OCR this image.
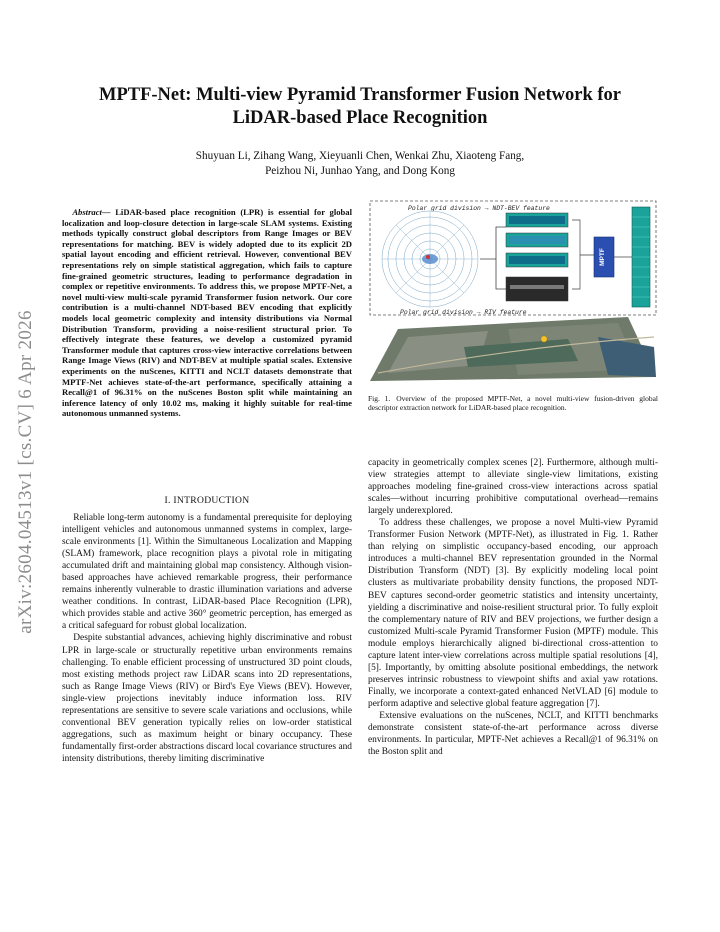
arXiv:2604.04513v1 [cs.CV] 6 Apr 2026
MPTF-Net: Multi-view Pyramid Transformer Fusion Network for
LiDAR-based Place Recognition
Shuyuan Li, Zihang Wang, Xieyuanli Chen, Wenkai Zhu, Xiaoteng Fang,
Peizhou Ni, Junhao Yang, and Dong Kong

Abstract— LiDAR-based place recognition (LPR) is essential for global localization and loop-closure detection in large-scale SLAM systems. Existing methods typically construct global descriptors from Range Images or BEV representations for matching. BEV is widely adopted due to its explicit 2D spatial layout encoding and efficient retrieval. However, conventional BEV representations rely on simple statistical aggregation, which fails to capture fine-grained geometric structures, leading to performance degradation in complex or repetitive environments. To address this, we propose MPTF-Net, a novel multi-view multi-scale pyramid Transformer fusion network. Our core contribution is a multi-channel NDT-based BEV encoding that explicitly models local geometric complexity and intensity distributions via Normal Distribution Transform, providing a noise-resilient structural prior. To effectively integrate these features, we develop a customized pyramid Transformer module that captures cross-view interactive correlations between Range Image Views (RIV) and NDT-BEV at multiple spatial scales. Extensive experiments on the nuScenes, KITTI and NCLT datasets demonstrate that MPTF-Net achieves state-of-the-art performance, specifically attaining a Recall@1 of 96.31% on the nuScenes Boston split while maintaining an inference latency of only 10.02 ms, making it highly suitable for real-time autonomous unmanned systems.

I. INTRODUCTION

Reliable long-term autonomy is a fundamental prerequisite for deploying intelligent vehicles and autonomous unmanned systems in complex, large-scale environments [1]. Within the Simultaneous Localization and Mapping (SLAM) framework, place recognition plays a pivotal role in mitigating accumulated drift and maintaining global map consistency. Although vision-based approaches have achieved remarkable progress, their performance remains inherently vulnerable to drastic illumination variations and adverse weather conditions. In contrast, LiDAR-based Place Recognition (LPR), which provides stable and active 360° geometric perception, has emerged as a critical safeguard for robust global localization.

Despite substantial advances, achieving highly discriminative and robust LPR in large-scale or structurally repetitive urban environments remains challenging. To enable efficient processing of unstructured 3D point clouds, most existing methods project raw LiDAR scans into 2D representations, such as Range Image Views (RIV) or Bird's Eye Views (BEV). However, single-view projections inevitably induce information loss. RIV representations are sensitive to severe scale variations and occlusions, while conventional BEV generation typically relies on low-order statistical aggregations, such as maximum height or binary occupancy. These fundamentally first-order abstractions discard local covariance structures and intensity distributions, thereby limiting discriminative

Polar grid division → NDT-BEV feature
Polar grid division → RIV feature
MPTF
Fig. 1. Overview of the proposed MPTF-Net, a novel multi-view fusion-driven global descriptor extraction network for LiDAR-based place recognition.

capacity in geometrically complex scenes [2]. Furthermore, although multi-view strategies attempt to alleviate single-view limitations, existing approaches modeling fine-grained cross-view interactions across spatial scales—without incurring prohibitive computational overhead—remains largely underexplored.

To address these challenges, we propose a novel Multi-view Pyramid Transformer Fusion Network (MPTF-Net), as illustrated in Fig. 1. Rather than relying on simplistic occupancy-based encoding, our approach introduces a multi-channel BEV representation grounded in the Normal Distribution Transform (NDT) [3]. By explicitly modeling local point clusters as multivariate probability density functions, the proposed NDT-BEV captures second-order geometric statistics and intensity uncertainty, yielding a discriminative and noise-resilient structural prior. To fully exploit the complementary nature of RIV and BEV projections, we further design a customized Multi-scale Pyramid Transformer Fusion (MPTF) module. This module employs hierarchically aligned bi-directional cross-attention to capture latent inter-view correlations across multiple spatial resolutions [4], [5]. Importantly, by omitting absolute positional embeddings, the network preserves intrinsic robustness to viewpoint shifts and axial yaw rotations. Finally, we incorporate a context-gated enhanced NetVLAD [6] module to perform adaptive and selective global feature aggregation [7].

Extensive evaluations on the nuScenes, NCLT, and KITTI benchmarks demonstrate consistent state-of-the-art performance across diverse environments. In particular, MPTF-Net achieves a Recall@1 of 96.31% on the Boston split and
